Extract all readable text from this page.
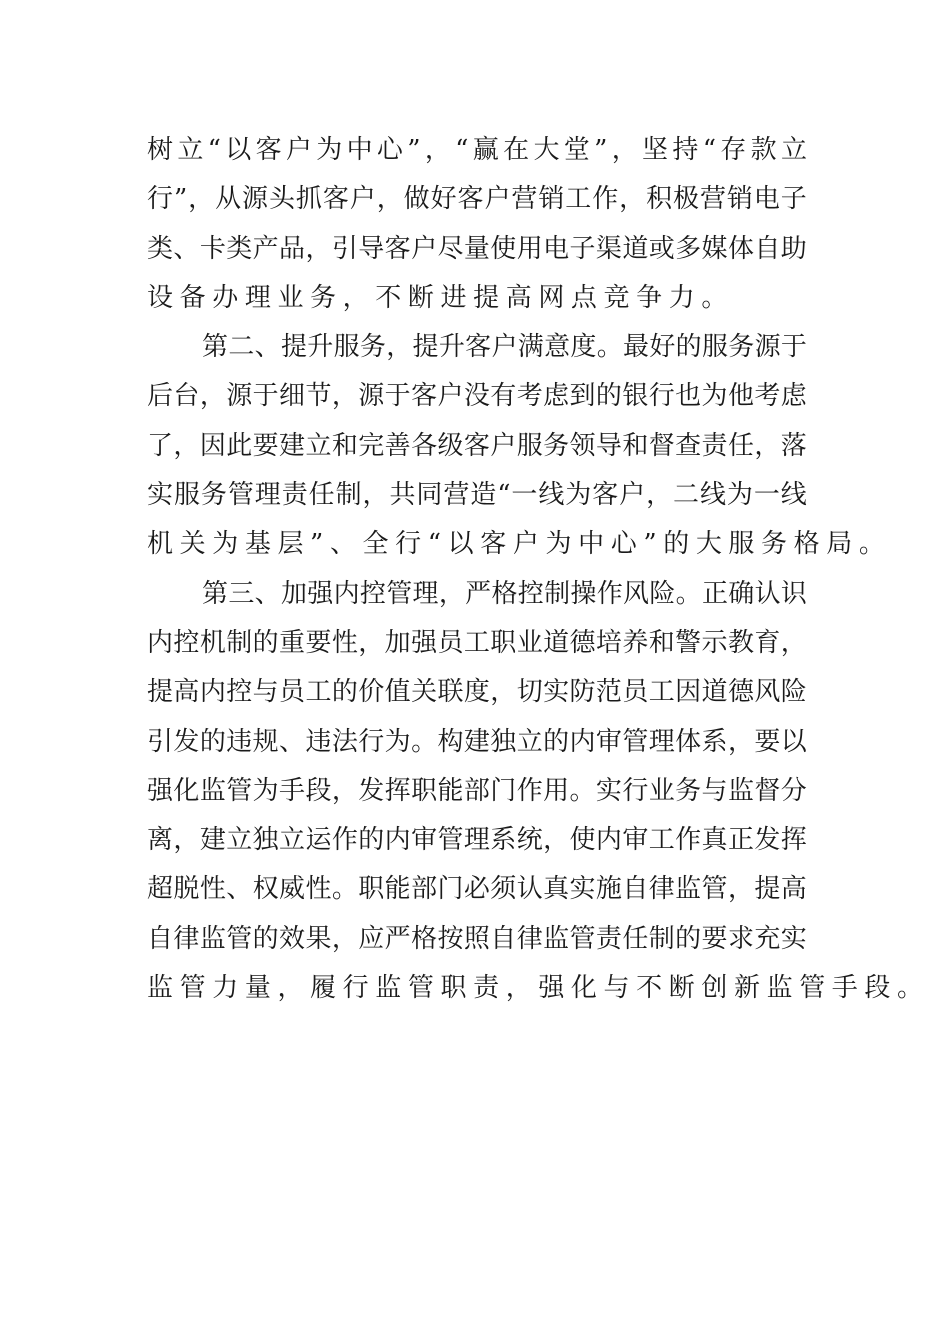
树 立 “ 以 客 户 为 中 心 ” ， “ 赢 在 大 堂 ” ， 坚 持 “ 存 款 立
行 ” ， 从 源 头 抓 客 户 ， 做 好 客 户 营 销 工 作 ， 积 极 营 销 电 子
类 、 卡 类 产 品 ， 引 导 客 户 尽 量 使 用 电 子 渠 道 或 多 媒 体 自 助
设 备 办 理 业 务 ， 不 断 进 提 高 网 点 竞 争 力 。
第 二 、 提 升 服 务 ， 提 升 客 户 满 意 度 。 最 好 的 服 务 源 于
后 台 ， 源 于 细 节 ， 源 于 客 户 没 有 考 虑 到 的 银 行 也 为 他 考 虑
了 ， 因 此 要 建 立 和 完 善 各 级 客 户 服 务 领 导 和 督 查 责 任 ， 落
实 服 务 管 理 责 任 制 ， 共 同 营 造 “ 一 线 为 客 户 ， 二 线 为 一 线
机 关 为 基 层 ” 、 全 行 “ 以 客 户 为 中 心 ” 的 大 服 务 格 局 。
第 三 、 加 强 内 控 管 理 ， 严 格 控 制 操 作 风 险 。 正 确 认 识
内 控 机 制 的 重 要 性 ， 加 强 员 工 职 业 道 德 培 养 和 警 示 教 育 ，
提 高 内 控 与 员 工 的 价 值 关 联 度 ， 切 实 防 范 员 工 因 道 德 风 险
引 发 的 违 规 、 违 法 行 为 。 构 建 独 立 的 内 审 管 理 体 系 ， 要 以
强 化 监 管 为 手 段 ， 发 挥 职 能 部 门 作 用 。 实 行 业 务 与 监 督 分
离 ， 建 立 独 立 运 作 的 内 审 管 理 系 统 ， 使 内 审 工 作 真 正 发 挥
超 脱 性 、 权 威 性 。 职 能 部 门 必 须 认 真 实 施 自 律 监 管 ， 提 高
自 律 监 管 的 效 果 ， 应 严 格 按 照 自 律 监 管 责 任 制 的 要 求 充 实
监 管 力 量 ， 履 行 监 管 职 责 ， 强 化 与 不 断 创 新 监 管 手 段 。
